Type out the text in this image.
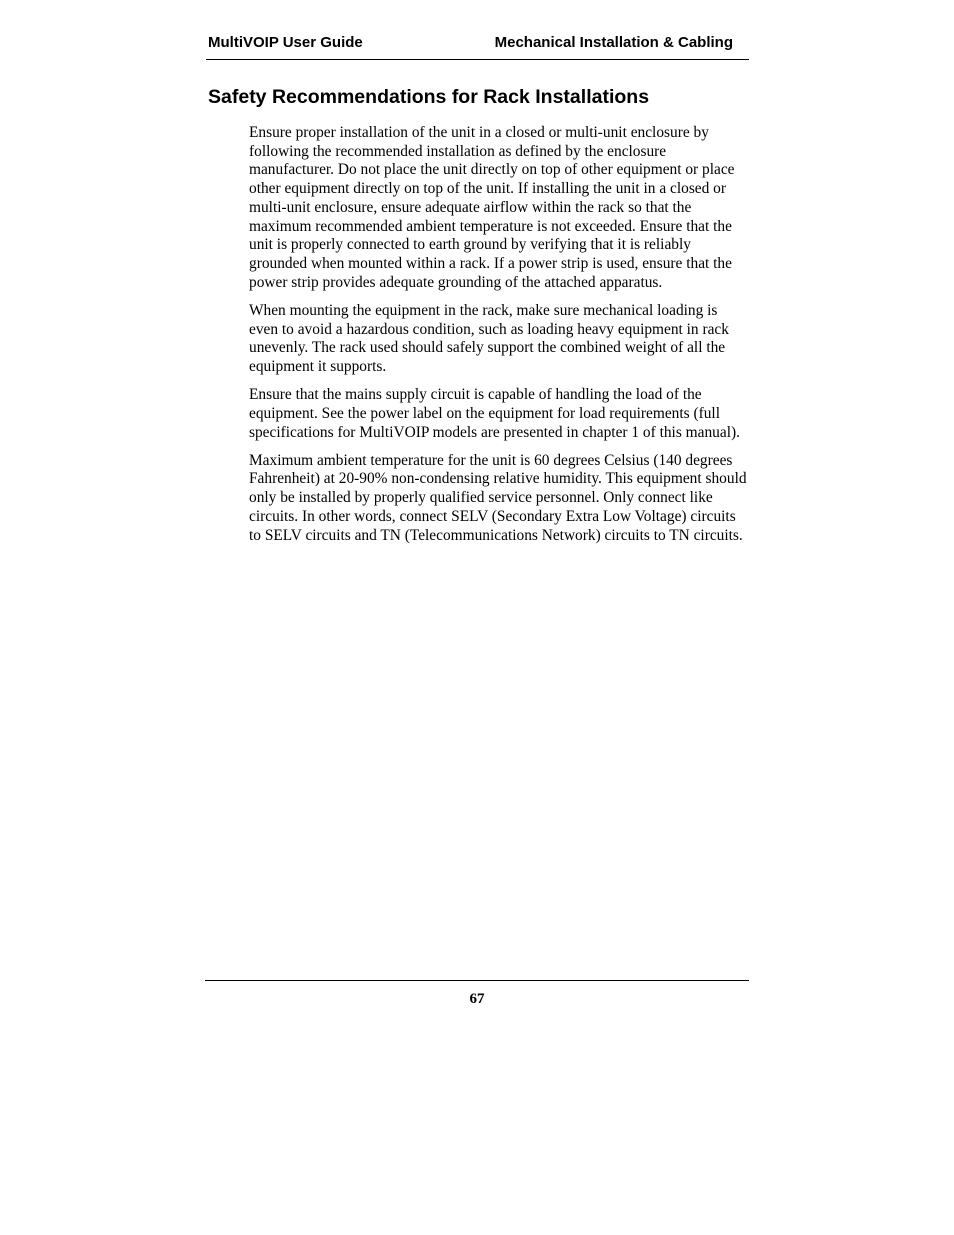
MultiVOIP User Guide	Mechanical Installation & Cabling
Safety Recommendations for Rack Installations

Ensure proper installation of the unit in a closed or multi-unit enclosure by following the recommended installation as defined by the enclosure manufacturer. Do not place the unit directly on top of other equipment or place other equipment directly on top of the unit. If installing the unit in a closed or multi-unit enclosure, ensure adequate airflow within the rack so that the maximum recommended ambient temperature is not exceeded. Ensure that the unit is properly connected to earth ground by verifying that it is reliably grounded when mounted within a rack. If a power strip is used, ensure that the power strip provides adequate grounding of the attached apparatus.

When mounting the equipment in the rack, make sure mechanical loading is even to avoid a hazardous condition, such as loading heavy equipment in rack unevenly. The rack used should safely support the combined weight of all the equipment it supports.

Ensure that the mains supply circuit is capable of handling the load of the equipment. See the power label on the equipment for load requirements (full specifications for MultiVOIP models are presented in chapter 1 of this manual).

Maximum ambient temperature for the unit is 60 degrees Celsius (140 degrees Fahrenheit) at 20-90% non-condensing relative humidity. This equipment should only be installed by properly qualified service personnel. Only connect like circuits. In other words, connect SELV (Secondary Extra Low Voltage) circuits to SELV circuits and TN (Telecommunications Network) circuits to TN circuits.

67
